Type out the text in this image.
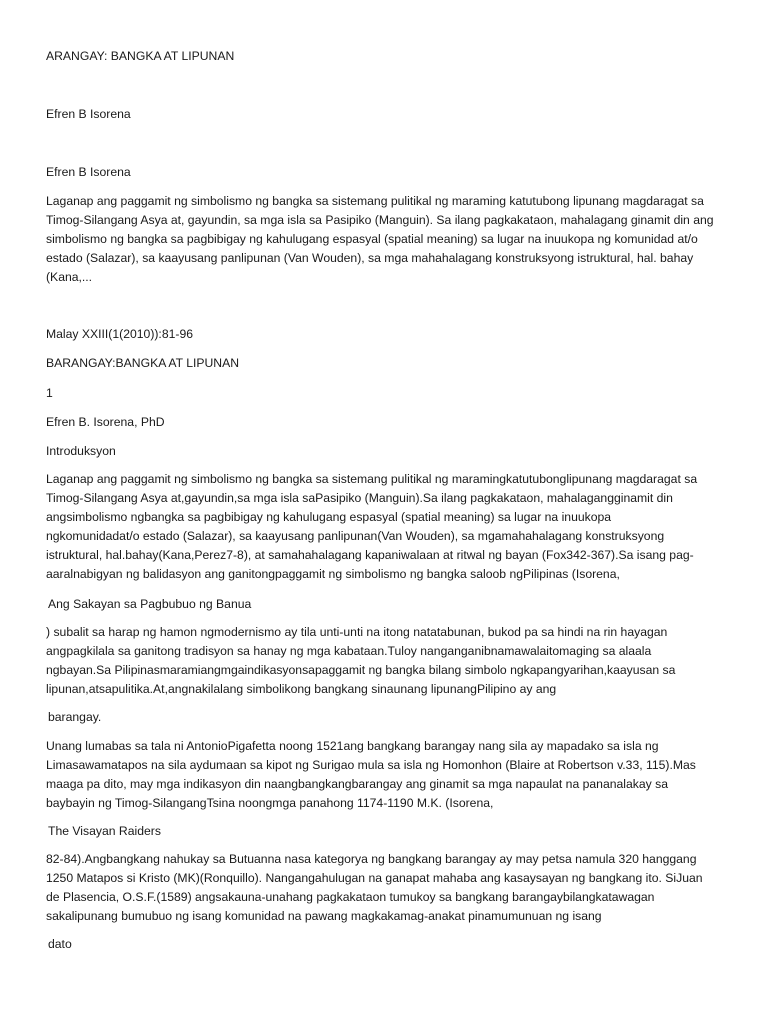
ARANGAY: BANGKA AT LIPUNAN

Efren B Isorena

Efren B Isorena

Laganap ang paggamit ng simbolismo ng bangka sa sistemang pulitikal ng maraming katutubong lipunang magdaragat sa
Timog-Silangang Asya at, gayundin, sa mga isla sa Pasipiko (Manguin). Sa ilang pagkakataon, mahalagang ginamit din ang
simbolismo ng bangka sa pagbibigay ng kahulugang espasyal (spatial meaning) sa lugar na inuukopa ng komunidad at/o
estado (Salazar), sa kaayusang panlipunan (Van Wouden), sa mga mahahalagang konstruksyong istruktural, hal. bahay
(Kana,...

Malay XXIII(1(2010)):81-96

BARANGAY:BANGKA AT LIPUNAN

1

Efren B. Isorena, PhD

Introduksyon

Laganap ang paggamit ng simbolismo ng bangka sa sistemang pulitikal ng maramingkatutubonglipunang magdaragat sa
Timog-Silangang Asya at,gayundin,sa mga isla saPasipiko (Manguin).Sa ilang pagkakataon, mahalagangginamit din
angsimbolismo ngbangka sa pagbibigay ng kahulugang espasyal (spatial meaning) sa lugar na inuukopa
ngkomunidadat/o estado (Salazar), sa kaayusang panlipunan(Van Wouden), sa mgamahahalagang konstruksyong
istruktural, hal.bahay(Kana,Perez7-8), at samahahalagang kapaniwalaan at ritwal ng bayan (Fox342-367).Sa isang pag-
aaralnabigyan ng balidasyon ang ganitongpaggamit ng simbolismo ng bangka saloob ngPilipinas (Isorena,

Ang Sakayan sa Pagbubuo ng Banua

) subalit sa harap ng hamon ngmodernismo ay tila unti-unti na itong natatabunan, bukod pa sa hindi na rin hayagan
angpagkilala sa ganitong tradisyon sa hanay ng mga kabataan.Tuloy nanganganibnamawalaitomaging sa alaala
ngbayan.Sa Pilipinasmaramiangmgaindikasyonsapaggamit ng bangka bilang simbolo ngkapangyarihan,kaayusan sa
lipunan,atsapulitika.At,angnakilalang simbolikong bangkang sinaunang lipunangPilipino ay ang

barangay.

Unang lumabas sa tala ni AntonioPigafetta noong 1521ang bangkang barangay nang sila ay mapadako sa isla ng
Limasawamatapos na sila aydumaan sa kipot ng Surigao mula sa isla ng Homonhon (Blaire at Robertson v.33, 115).Mas
maaga pa dito, may mga indikasyon din naangbangkangbarangay ang ginamit sa mga napaulat na pananalakay sa
baybayin ng Timog-SilangangTsina noongmga panahong 1174-1190 M.K. (Isorena,

The Visayan Raiders

82-84).Angbangkang nahukay sa Butuanna nasa kategorya ng bangkang barangay ay may petsa namula 320 hanggang
1250 Matapos si Kristo (MK)(Ronquillo). Nangangahulugan na ganapat mahaba ang kasaysayan ng bangkang ito. SiJuan
de Plasencia, O.S.F.(1589) angsakauna-unahang pagkakataon tumukoy sa bangkang barangaybilangkatawagan
sakalipunang bumubuo ng isang komunidad na pawang magkakamag-anakat pinamumunuan ng isang

dato
